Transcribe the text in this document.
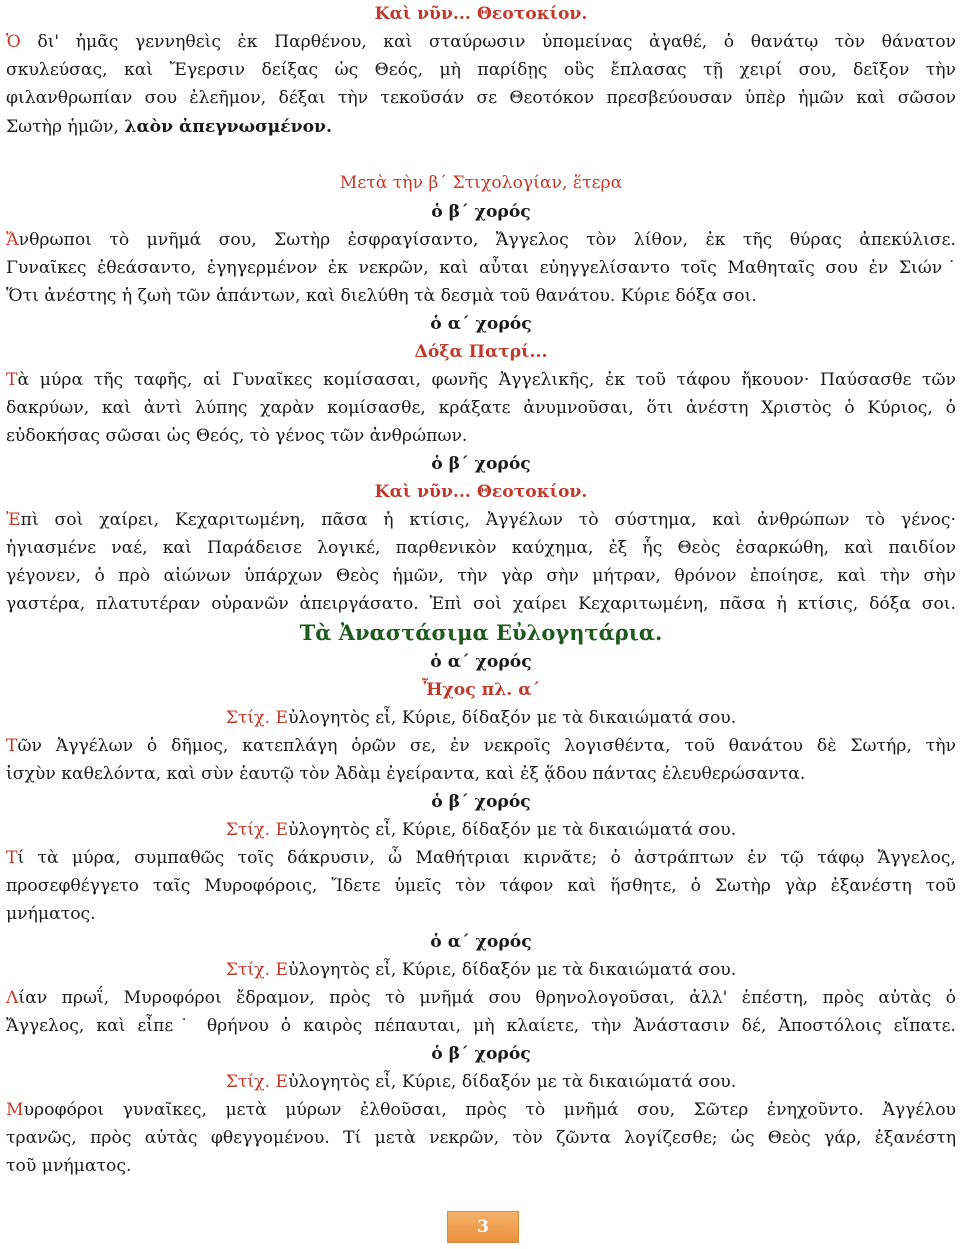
Καὶ νῦν... Θεοτοκίον.
Ὁ δι' ἡμᾶς γεννηθεὶς ἐκ Παρθένου, καὶ σταύρωσιν ὑπομείνας ἀγαθέ, ὁ θανάτῳ τὸν θάνατον
σκυλεύσας, καὶ Ἔγερσιν δείξας ὡς Θεός, μὴ παρίδῃς οὓς ἔπλασας τῇ χειρί σου, δεῖξον τὴν
φιλανθρωπίαν σου ἐλεῆμον, δέξαι τὴν τεκοῦσάν σε Θεοτόκον πρεσβεύουσαν ὑπὲρ ἡμῶν καὶ σῶσον
Σωτὴρ ἡμῶν, λαὸν ἀπεγνωσμένον.
Μετὰ τὴν β΄ Στιχολογίαν, ἕτερα
ὁ β΄ χορός
Ἄνθρωποι τὸ μνῆμά σου, Σωτὴρ ἐσφραγίσαντο, Ἄγγελος τὸν λίθον, ἐκ τῆς θύρας ἀπεκύλισε.
Γυναῖκες ἐθεάσαντο, ἐγηγερμένον ἐκ νεκρῶν, καὶ αὗται εὐηγγελίσαντο τοῖς Μαθηταῖς σου ἐν Σιών˙
Ὅτι ἀνέστης ἡ ζωὴ τῶν ἁπάντων, καὶ διελύθη τὰ δεσμὰ τοῦ θανάτου. Κύριε δόξα σοι.
ὁ α΄ χορός
Δόξα Πατρί...
Τὰ μύρα τῆς ταφῆς, αἱ Γυναῖκες κομίσασαι, φωνῆς Ἀγγελικῆς, ἐκ τοῦ τάφου ἤκουον· Παύσασθε τῶν
δακρύων, καὶ ἀντὶ λύπης χαρὰν κομίσασθε, κράξατε ἀνυμνοῦσαι, ὅτι ἀνέστη Χριστὸς ὁ Κύριος, ὁ
εὐδοκήσας σῶσαι ὡς Θεός, τὸ γένος τῶν ἀνθρώπων.
ὁ β΄ χορός
Καὶ νῦν... Θεοτοκίον.
Ἐπὶ σοὶ χαίρει, Κεχαριτωμένη, πᾶσα ἡ κτίσις, Ἀγγέλων τὸ σύστημα, καὶ ἀνθρώπων τὸ γένος·
ἡγιασμένε ναέ, καὶ Παράδεισε λογικέ, παρθενικὸν καύχημα, ἐξ ἧς Θεὸς ἐσαρκώθη, καὶ παιδίον
γέγονεν, ὁ πρὸ αἰώνων ὑπάρχων Θεὸς ἡμῶν, τὴν γὰρ σὴν μήτραν, θρόνον ἐποίησε, καὶ τὴν σὴν
γαστέρα, πλατυτέραν οὐρανῶν ἀπειργάσατο. Ἐπὶ σοὶ χαίρει Κεχαριτωμένη, πᾶσα ἡ κτίσις, δόξα σοι.
Τὰ Ἀναστάσιμα Εὐλογητάρια.
ὁ α΄ χορός
Ἦχος πλ. α΄
Στίχ. Εὐλογητὸς εἶ, Κύριε, δίδαξόν με τὰ δικαιώματά σου.
Τῶν Ἀγγέλων ὁ δῆμος, κατεπλάγη ὁρῶν σε, ἐν νεκροῖς λογισθέντα, τοῦ θανάτου δὲ Σωτήρ, τὴν
ἰσχὺν καθελόντα, καὶ σὺν ἑαυτῷ τὸν Ἀδὰμ ἐγείραντα, καὶ ἐξ ᾅδου πάντας ἐλευθερώσαντα.
ὁ β΄ χορός
Στίχ. Εὐλογητὸς εἶ, Κύριε, δίδαξόν με τὰ δικαιώματά σου.
Τί τὰ μύρα, συμπαθῶς τοῖς δάκρυσιν, ὦ Μαθήτριαι κιρνᾶτε; ὁ ἀστράπτων ἐν τῷ τάφῳ Ἄγγελος,
προσεφθέγγετο ταῖς Μυροφόροις, Ἴδετε ὑμεῖς τὸν τάφον καὶ ἥσθητε, ὁ Σωτὴρ γὰρ ἐξανέστη τοῦ
μνήματος.
ὁ α΄ χορός
Στίχ. Εὐλογητὸς εἶ, Κύριε, δίδαξόν με τὰ δικαιώματά σου.
Λίαν πρωΐ, Μυροφόροι ἔδραμον, πρὸς τὸ μνῆμά σου θρηνολογοῦσαι, ἀλλ' ἐπέστη, πρὸς αὐτὰς ὁ
Ἄγγελος, καὶ εἶπε˙ θρήνου ὁ καιρὸς πέπαυται, μὴ κλαίετε, τὴν Ἀνάστασιν δέ, Ἀποστόλοις εἴπατε.
ὁ β΄ χορός
Στίχ. Εὐλογητὸς εἶ, Κύριε, δίδαξόν με τὰ δικαιώματά σου.
Μυροφόροι γυναῖκες, μετὰ μύρων ἐλθοῦσαι, πρὸς τὸ μνῆμά σου, Σῶτερ ἐνηχοῦντο. Ἀγγέλου
τρανῶς, πρὸς αὐτὰς φθεγγομένου. Τί μετὰ νεκρῶν, τὸν ζῶντα λογίζεσθε; ὡς Θεὸς γάρ, ἐξανέστη
τοῦ μνήματος.
3
